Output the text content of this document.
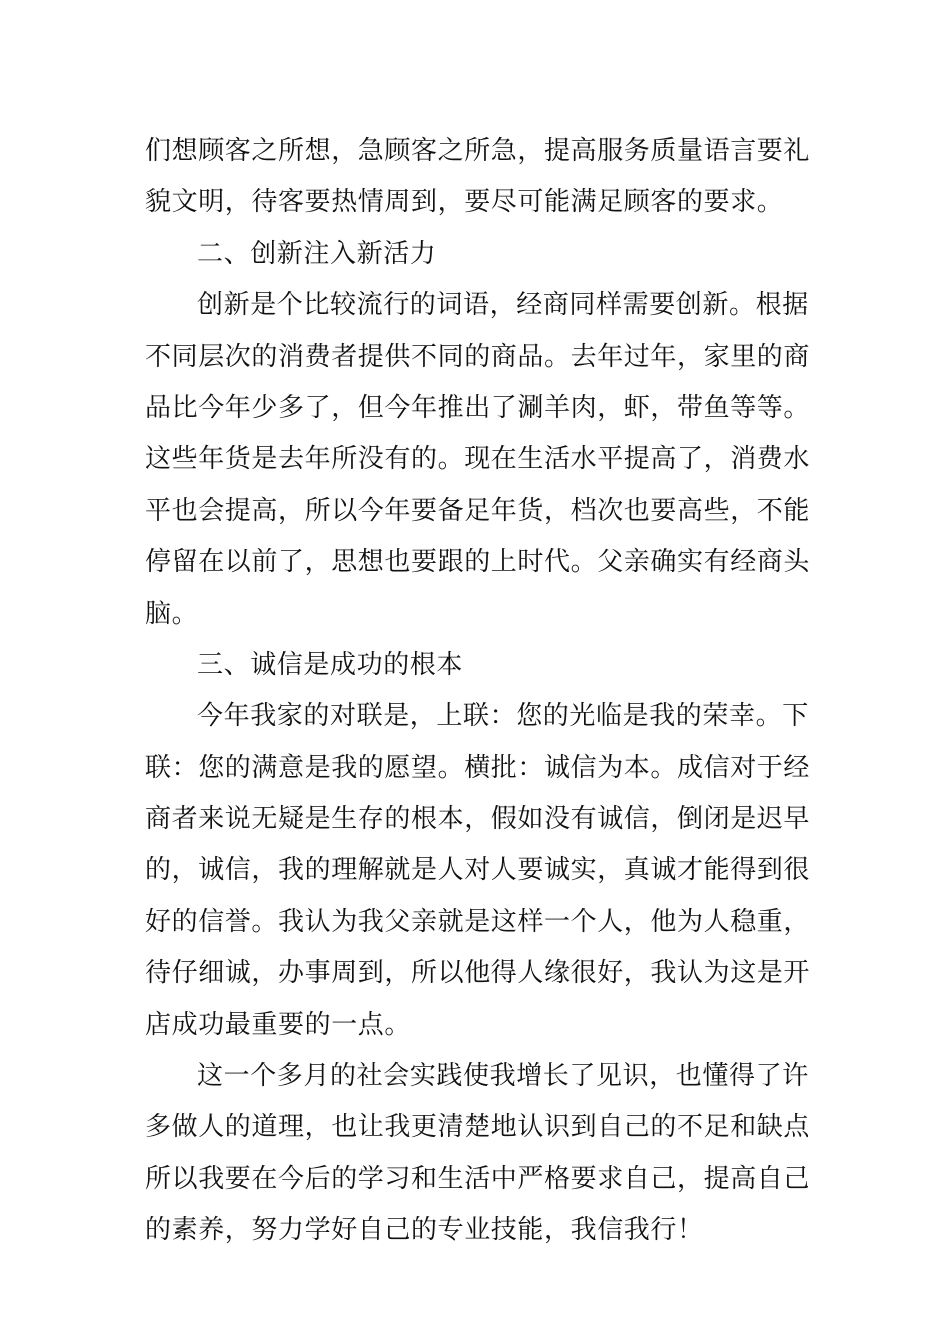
们想顾客之所想，急顾客之所急，提高服务质量语言要礼
貌文明，待客要热情周到，要尽可能满足顾客的要求。
二、创新注入新活力
创新是个比较流行的词语，经商同样需要创新。根据
不同层次的消费者提供不同的商品。去年过年，家里的商
品比今年少多了，但今年推出了涮羊肉，虾，带鱼等等。
这些年货是去年所没有的。现在生活水平提高了，消费水
平也会提高，所以今年要备足年货，档次也要高些，不能
停留在以前了，思想也要跟的上时代。父亲确实有经商头
脑。
三、诚信是成功的根本
今年我家的对联是，上联：您的光临是我的荣幸。下
联：您的满意是我的愿望。横批：诚信为本。成信对于经
商者来说无疑是生存的根本，假如没有诚信，倒闭是迟早
的，诚信，我的理解就是人对人要诚实，真诚才能得到很
好的信誉。我认为我父亲就是这样一个人，他为人稳重，
待仔细诚，办事周到，所以他得人缘很好，我认为这是开
店成功最重要的一点。
这一个多月的社会实践使我增长了见识，也懂得了许
多做人的道理，也让我更清楚地认识到自己的不足和缺点
所以我要在今后的学习和生活中严格要求自己，提高自己
的素养，努力学好自己的专业技能，我信我行！
